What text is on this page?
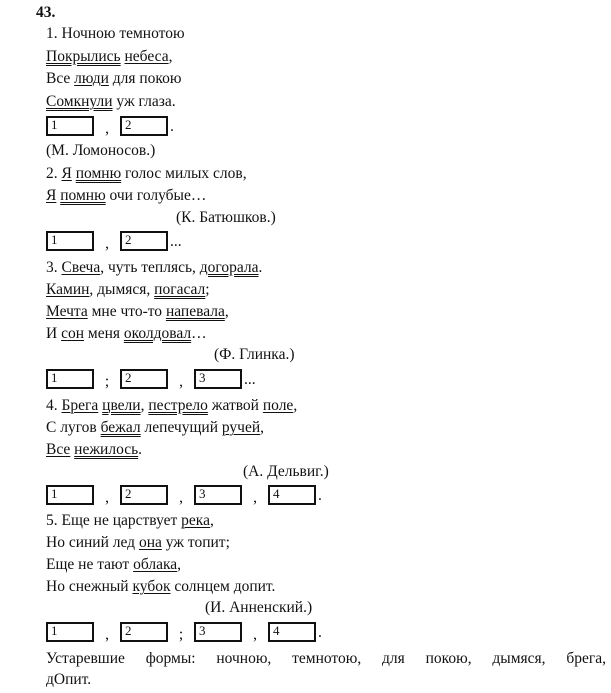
43.
1. Ночною темнотою
Покрылись небеса,
Все люди для покою
Сомкнули уж глаза.
1	,	2 .
(М. Ломоносов.)
2. Я помню голос милых слов,
Я помню очи голубые…
(К. Батюшков.)
1	,	2 ...
3. Свеча, чуть теплясь, догорала.
Камин, дымяся, погасал;
Мечта мне что-то напевала,
И сон меня околдовал…
(Ф. Глинка.)
1	;	2	,	3 ...
4. Брега цвели, пестрело жатвой поле,
С лугов бежал лепечущий ручей,
Все нежилось.
(А. Дельвиг.)
1	,	2	,	3	,	4 .
5. Еще не царствует река,
Но синий лед она уж топит;
Еще не тают облака,
Но снежный кубок солнцем допит.
(И. Анненский.)
1	,	2	;	3	,	4 .
Устаревшие формы: ночною, темнотою, для покою, дымяся, брега,
дОпит.
